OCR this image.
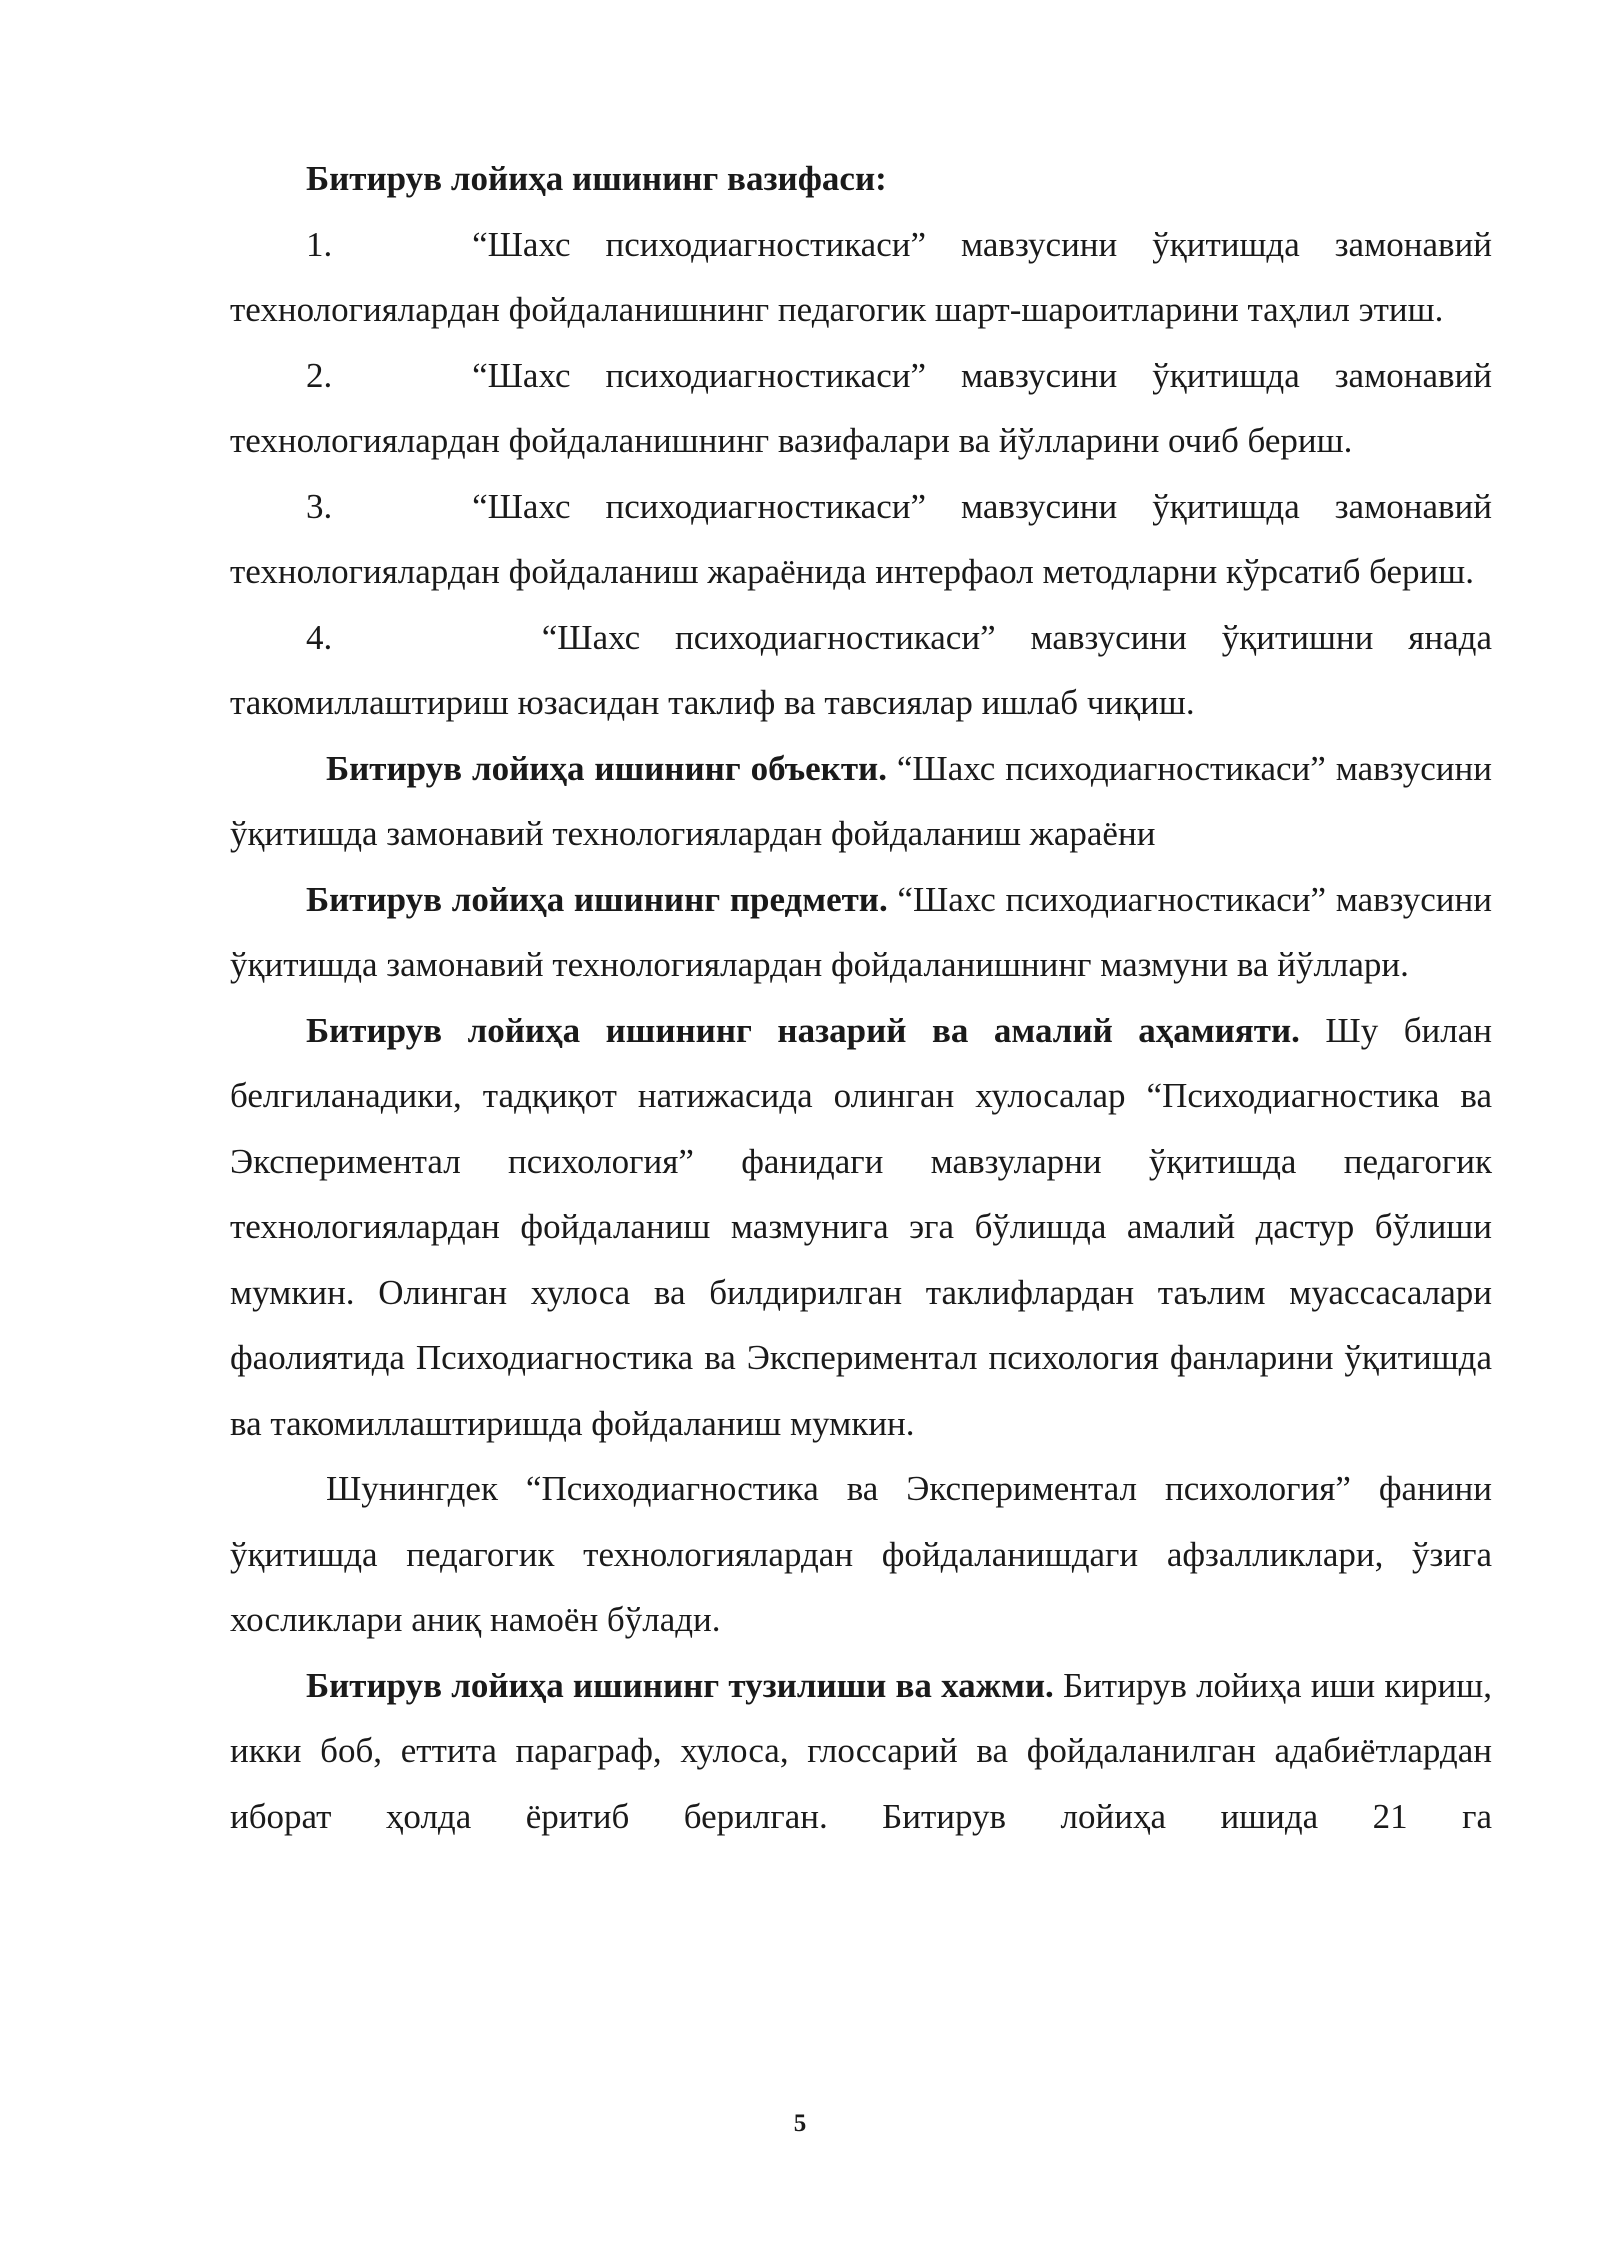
Битирув лойиҳа ишининг вазифаси:

1.	“Шахс психодиагностикаси” мавзусини ўқитишда замонавий технологиялардан фойдаланишнинг педагогик шарт-шароитларини таҳлил этиш.

2.	“Шахс психодиагностикаси” мавзусини ўқитишда замонавий технологиялардан фойдаланишнинг вазифалари ва йўлларини очиб бериш.

3.	“Шахс психодиагностикаси” мавзусини ўқитишда замонавий технологиялардан фойдаланиш жараёнида интерфаол методларни кўрсатиб бериш.

4.	“Шахс психодиагностикаси” мавзусини ўқитишни янада такомиллаштириш юзасидан таклиф ва тавсиялар ишлаб чиқиш.

Битирув лойиҳа ишининг объекти. “Шахс психодиагностикаси” мавзусини ўқитишда замонавий технологиялардан фойдаланиш жараёни

Битирув лойиҳа ишининг предмети. “Шахс психодиагностикаси” мавзусини ўқитишда замонавий технологиялардан фойдаланишнинг мазмуни ва йўллари.

Битирув лойиҳа ишининг назарий ва амалий аҳамияти. Шу билан белгиланадики, тадқиқот натижасида олинган хулосалар “Психодиагностика ва Экспериментал психология” фанидаги мавзуларни ўқитишда педагогик технологиялардан фойдаланиш мазмунига эга бўлишда амалий дастур бўлиши мумкин. Олинган хулоса ва билдирилган таклифлардан таълим муассасалари фаолиятида Психодиагностика ва Экспериментал психология фанларини ўқитишда ва такомиллаштиришда фойдаланиш мумкин.

Шунингдек “Психодиагностика ва Экспериментал психология” фанини ўқитишда педагогик технологиялардан фойдаланишдаги афзалликлари, ўзига хосликлари аниқ намоён бўлади.

Битирув лойиҳа ишининг тузилиши ва хажми. Битирув лойиҳа иши кириш, икки боб, еттита параграф, хулоса, глоссарий ва фойдаланилган адабиётлардан иборат ҳолда ёритиб берилган. Битирув лойиҳа ишида 21 га

5
